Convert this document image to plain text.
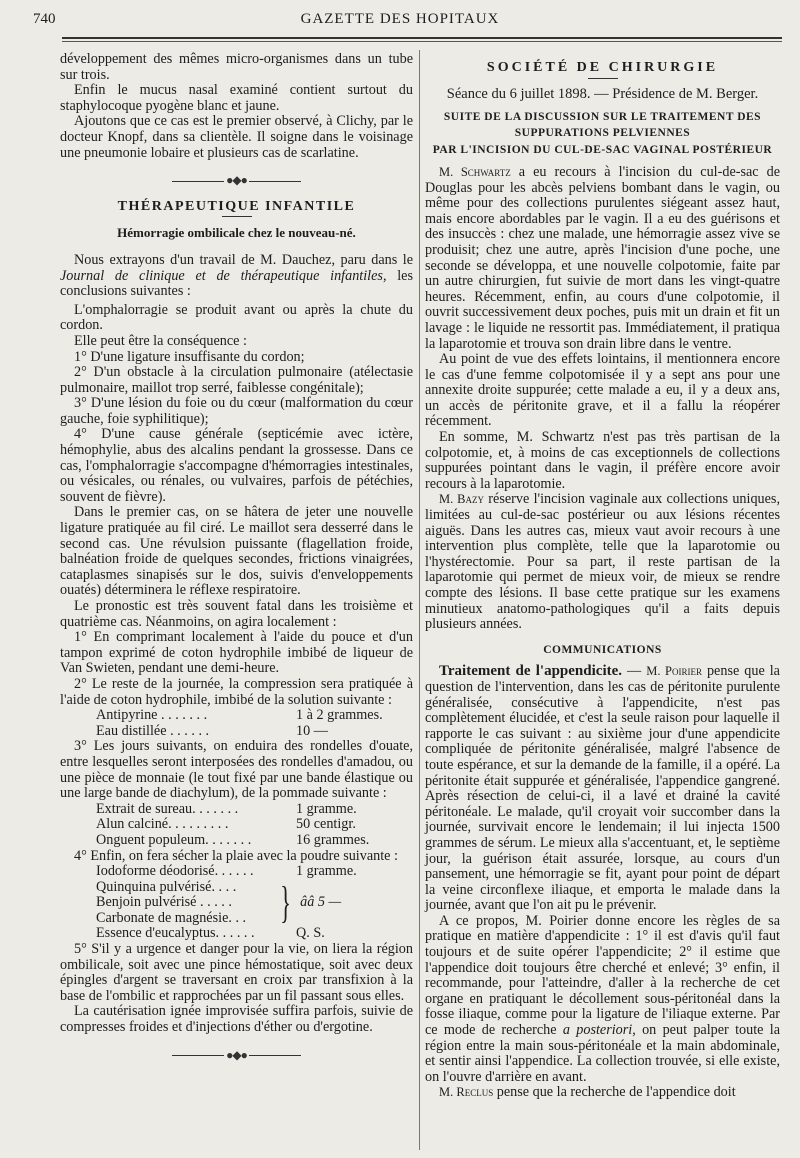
740	GAZETTE DES HOPITAUX

développement des mêmes micro-organismes dans un tube sur trois.

Enfin le mucus nasal examiné contient surtout du staphylocoque pyogène blanc et jaune.

Ajoutons que ce cas est le premier observé, à Clichy, par le docteur Knopf, dans sa clientèle. Il soigne dans le voisinage une pneumonie lobaire et plusieurs cas de scarlatine.

●◆●
THÉRAPEUTIQUE INFANTILE
Hémorragie ombilicale chez le nouveau-né.

Nous extrayons d'un travail de M. Dauchez, paru dans le Journal de clinique et de thérapeutique infantiles, les conclusions suivantes :

L'omphalorragie se produit avant ou après la chute du cordon.

Elle peut être la conséquence :

1° D'une ligature insuffisante du cordon;

2° D'un obstacle à la circulation pulmonaire (atélectasie pulmonaire, maillot trop serré, faiblesse congénitale);

3° D'une lésion du foie ou du cœur (malformation du cœur gauche, foie syphilitique);

4° D'une cause générale (septicémie avec ictère, hémophylie, abus des alcalins pendant la grossesse. Dans ce cas, l'omphalorragie s'accompagne d'hémorragies intestinales, ou vésicales, ou rénales, ou vulvaires, parfois de pétéchies, souvent de fièvre).

Dans le premier cas, on se hâtera de jeter une nouvelle ligature pratiquée au fil ciré. Le maillot sera desserré dans le second cas. Une révulsion puissante (flagellation froide, balnéation froide de quelques secondes, frictions vinaigrées, cataplasmes sinapisés sur le dos, suivis d'enveloppements ouatés) déterminera le réflexe respiratoire.

Le pronostic est très souvent fatal dans les troisième et quatrième cas. Néanmoins, on agira localement :

1° En comprimant localement à l'aide du pouce et d'un tampon exprimé de coton hydrophile imbibé de liqueur de Van Swieten, pendant une demi-heure.

2° Le reste de la journée, la compression sera pratiquée à l'aide de coton hydrophile, imbibé de la solution suivante :

Antipyrine . . . . . . .	1 à 2 grammes.
Eau distillée . . . . . .	10 —

3° Les jours suivants, on enduira des rondelles d'ouate, entre lesquelles seront interposées des rondelles d'amadou, ou une pièce de monnaie (le tout fixé par une bande élastique ou une large bande de diachylum), de la pommade suivante :

Extrait de sureau. . . . . . .	1 gramme.
Alun calciné. . . . . . . . .	50 centigr.
Onguent populeum. . . . . . .	16 grammes.

4° Enfin, on fera sécher la plaie avec la poudre suivante :

Iodoforme déodorisé. . . . . .	1 gramme.
Quinquina pulvérisé. . . .
Benjoin pulvérisé . . . . .
Carbonate de magnésie. . . } ââ 5 —
Essence d'eucalyptus. . . . . .	Q. S.

5° S'il y a urgence et danger pour la vie, on liera la région ombilicale, soit avec une pince hémostatique, soit avec deux épingles d'argent se traversant en croix par transfixion à la base de l'ombilic et rapprochées par un fil passant sous elles.

La cautérisation ignée improvisée suffira parfois, suivie de compresses froides et d'injections d'éther ou d'ergotine.

●◆●
SOCIÉTÉ DE CHIRURGIE
Séance du 6 juillet 1898. — Présidence de M. Berger.
SUITE DE LA DISCUSSION SUR LE TRAITEMENT DES SUPPURATIONS PELVIENNES
PAR L'INCISION DU CUL-DE-SAC VAGINAL POSTÉRIEUR

M. Schwartz a eu recours à l'incision du cul-de-sac de Douglas pour les abcès pelviens bombant dans le vagin, ou même pour des collections purulentes siégeant assez haut, mais encore abordables par le vagin. Il a eu des guérisons et des insuccès : chez une malade, une hémorragie assez vive se produisit; chez une autre, après l'incision d'une poche, une seconde se développa, et une nouvelle colpotomie, faite par un autre chirurgien, fut suivie de mort dans les vingt-quatre heures. Récemment, enfin, au cours d'une colpotomie, il ouvrit successivement deux poches, puis mit un drain et fit un lavage : le liquide ne ressortit pas. Immédiatement, il pratiqua la laparotomie et trouva son drain libre dans le ventre.

Au point de vue des effets lointains, il mentionnera encore le cas d'une femme colpotomisée il y a sept ans pour une annexite droite suppurée; cette malade a eu, il y a deux ans, un accès de péritonite grave, et il a fallu la réopérer récemment.

En somme, M. Schwartz n'est pas très partisan de la colpotomie, et, à moins de cas exceptionnels de collections suppurées pointant dans le vagin, il préfère encore avoir recours à la laparotomie.

M. Bazy réserve l'incision vaginale aux collections uniques, limitées au cul-de-sac postérieur ou aux lésions récentes aiguës. Dans les autres cas, mieux vaut avoir recours à une intervention plus complète, telle que la laparotomie ou l'hystérectomie. Pour sa part, il reste partisan de la laparotomie qui permet de mieux voir, de mieux se rendre compte des lésions. Il base cette pratique sur les examens minutieux anatomo-pathologiques qu'il a faits depuis plusieurs années.

COMMUNICATIONS

Traitement de l'appendicite. — M. Poirier pense que la question de l'intervention, dans les cas de péritonite purulente généralisée, consécutive à l'appendicite, n'est pas complètement élucidée, et c'est la seule raison pour laquelle il rapporte le cas suivant : au sixième jour d'une appendicite compliquée de péritonite généralisée, malgré l'absence de toute espérance, et sur la demande de la famille, il a opéré. La péritonite était suppurée et généralisée, l'appendice gangrené. Après résection de celui-ci, il a lavé et drainé la cavité péritonéale. Le malade, qu'il croyait voir succomber dans la journée, survivait encore le lendemain; il lui injecta 1500 grammes de sérum. Le mieux alla s'accentuant, et, le septième jour, la guérison était assurée, lorsque, au cours d'un pansement, une hémorragie se fit, ayant pour point de départ la veine circonflexe iliaque, et emporta le malade dans la journée, avant que l'on ait pu le prévenir.

A ce propos, M. Poirier donne encore les règles de sa pratique en matière d'appendicite : 1° il est d'avis qu'il faut toujours et de suite opérer l'appendicite; 2° il estime que l'appendice doit toujours être cherché et enlevé; 3° enfin, il recommande, pour l'atteindre, d'aller à la recherche de cet organe en pratiquant le décollement sous-péritonéal dans la fosse iliaque, comme pour la ligature de l'iliaque externe. Par ce mode de recherche a posteriori, on peut palper toute la région entre la main sous-péritonéale et la main abdominale, et sentir ainsi l'appendice. La collection trouvée, si elle existe, on l'ouvre d'arrière en avant.

M. Reclus pense que la recherche de l'appendice doit
